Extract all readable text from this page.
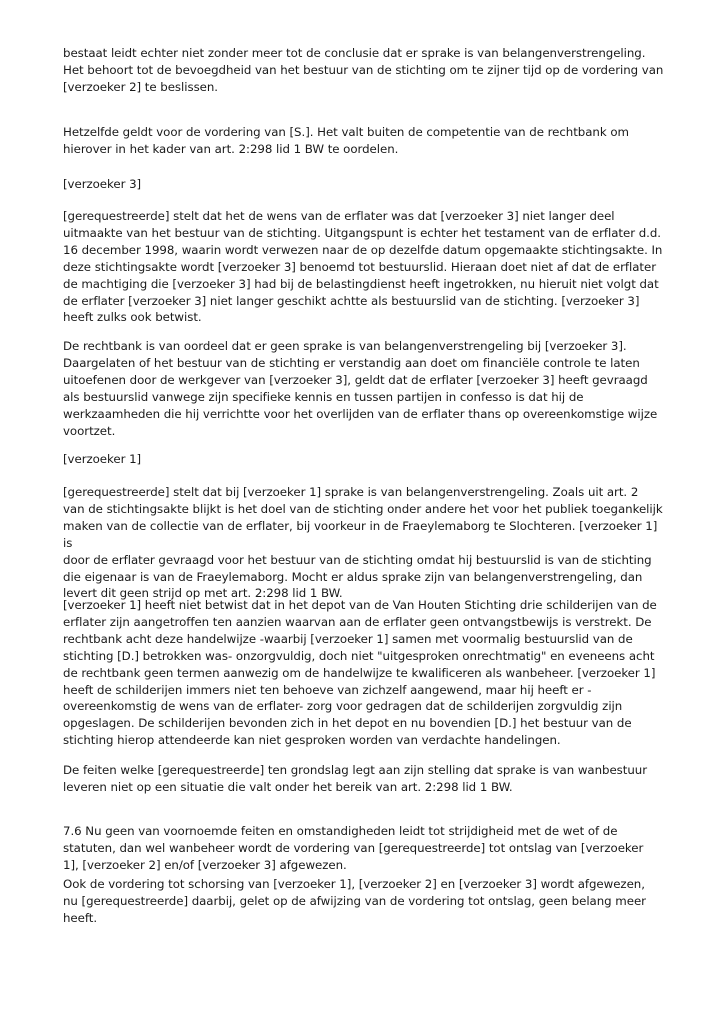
bestaat leidt echter niet zonder meer tot de conclusie dat er sprake is van belangenverstrengeling.
Het behoort tot de bevoegdheid van het bestuur van de stichting om te zijner tijd op de vordering van
[verzoeker 2] te beslissen.

Hetzelfde geldt voor de vordering van [S.]. Het valt buiten de competentie van de rechtbank om
hierover in het kader van art. 2:298 lid 1 BW te oordelen.

[verzoeker 3]

[gerequestreerde] stelt dat het de wens van de erflater was dat [verzoeker 3] niet langer deel
uitmaakte van het bestuur van de stichting. Uitgangspunt is echter het testament van de erflater d.d.
16 december 1998, waarin wordt verwezen naar de op dezelfde datum opgemaakte stichtingsakte. In
deze stichtingsakte wordt [verzoeker 3] benoemd tot bestuurslid. Hieraan doet niet af dat de erflater
de machtiging die [verzoeker 3] had bij de belastingdienst heeft ingetrokken, nu hieruit niet volgt dat
de erflater [verzoeker 3] niet langer geschikt achtte als bestuurslid van de stichting. [verzoeker 3]
heeft zulks ook betwist.

De rechtbank is van oordeel dat er geen sprake is van belangenverstrengeling bij [verzoeker 3].
Daargelaten of het bestuur van de stichting er verstandig aan doet om financiële controle te laten
uitoefenen door de werkgever van [verzoeker 3], geldt dat de erflater [verzoeker 3] heeft gevraagd
als bestuurslid vanwege zijn specifieke kennis en tussen partijen in confesso is dat hij de
werkzaamheden die hij verrichtte voor het overlijden van de erflater thans op overeenkomstige wijze
voortzet.

[verzoeker 1]

[gerequestreerde] stelt dat bij [verzoeker 1] sprake is van belangenverstrengeling. Zoals uit art. 2
van de stichtingsakte blijkt is het doel van de stichting onder andere het voor het publiek toegankelijk
maken van de collectie van de erflater, bij voorkeur in de Fraeylemaborg te Slochteren. [verzoeker 1] is
door de erflater gevraagd voor het bestuur van de stichting omdat hij bestuurslid is van de stichting
die eigenaar is van de Fraeylemaborg. Mocht er aldus sprake zijn van belangenverstrengeling, dan
levert dit geen strijd op met art. 2:298 lid 1 BW.

[verzoeker 1] heeft niet betwist dat in het depot van de Van Houten Stichting drie schilderijen van de
erflater zijn aangetroffen ten aanzien waarvan aan de erflater geen ontvangstbewijs is verstrekt. De
rechtbank acht deze handelwijze -waarbij [verzoeker 1] samen met voormalig bestuurslid van de
stichting [D.] betrokken was- onzorgvuldig, doch niet "uitgesproken onrechtmatig" en eveneens acht
de rechtbank geen termen aanwezig om de handelwijze te kwalificeren als wanbeheer. [verzoeker 1]
heeft de schilderijen immers niet ten behoeve van zichzelf aangewend, maar hij heeft er -
overeenkomstig de wens van de erflater- zorg voor gedragen dat de schilderijen zorgvuldig zijn
opgeslagen. De schilderijen bevonden zich in het depot en nu bovendien [D.] het bestuur van de
stichting hierop attendeerde kan niet gesproken worden van verdachte handelingen.

De feiten welke [gerequestreerde] ten grondslag legt aan zijn stelling dat sprake is van wanbestuur
leveren niet op een situatie die valt onder het bereik van art. 2:298 lid 1 BW.

7.6 Nu geen van voornoemde feiten en omstandigheden leidt tot strijdigheid met de wet of de
statuten, dan wel wanbeheer wordt de vordering van [gerequestreerde] tot ontslag van [verzoeker
1], [verzoeker 2] en/of [verzoeker 3] afgewezen.

Ook de vordering tot schorsing van [verzoeker 1], [verzoeker 2] en [verzoeker 3] wordt afgewezen,
nu [gerequestreerde] daarbij, gelet op de afwijzing van de vordering tot ontslag, geen belang meer
heeft.
